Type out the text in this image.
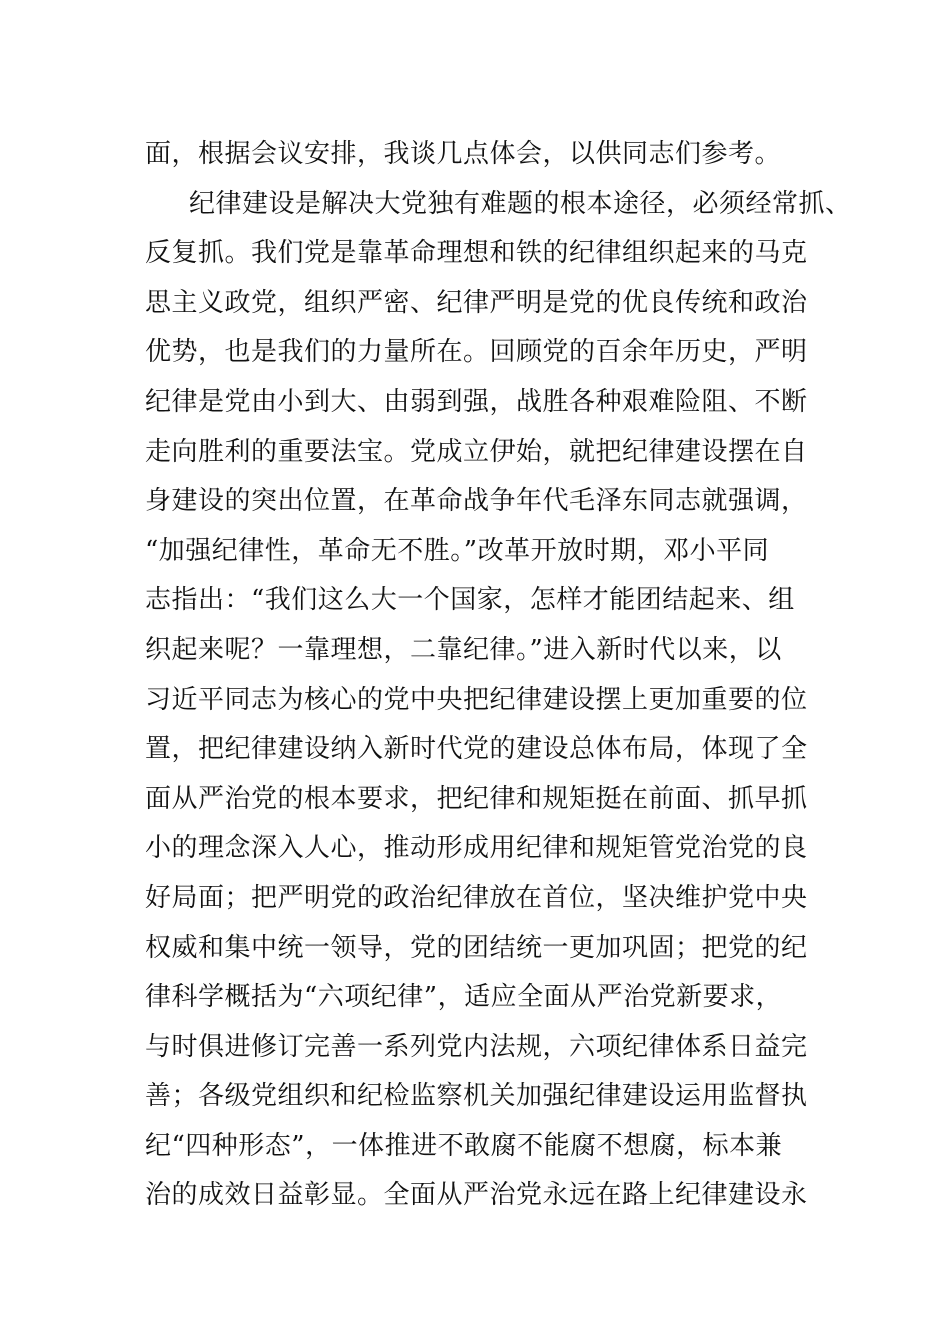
面，根据会议安排，我谈几点体会，以供同志们参考。
纪律建设是解决大党独有难题的根本途径，必须经常抓、
反复抓。我们党是靠革命理想和铁的纪律组织起来的马克
思主义政党，组织严密、纪律严明是党的优良传统和政治
优势，也是我们的力量所在。回顾党的百余年历史，严明
纪律是党由小到大、由弱到强，战胜各种艰难险阻、不断
走向胜利的重要法宝。党成立伊始，就把纪律建设摆在自
身建设的突出位置，在革命战争年代毛泽东同志就强调，
“加强纪律性，革命无不胜。”改革开放时期，邓小平同
志指出：“我们这么大一个国家，怎样才能团结起来、组
织起来呢？一靠理想，二靠纪律。”进入新时代以来，以
习近平同志为核心的党中央把纪律建设摆上更加重要的位
置，把纪律建设纳入新时代党的建设总体布局，体现了全
面从严治党的根本要求，把纪律和规矩挺在前面、抓早抓
小的理念深入人心，推动形成用纪律和规矩管党治党的良
好局面；把严明党的政治纪律放在首位，坚决维护党中央
权威和集中统一领导，党的团结统一更加巩固；把党的纪
律科学概括为“六项纪律”，适应全面从严治党新要求，
与时俱进修订完善一系列党内法规，六项纪律体系日益完
善；各级党组织和纪检监察机关加强纪律建设运用监督执
纪“四种形态”，一体推进不敢腐不能腐不想腐，标本兼
治的成效日益彰显。全面从严治党永远在路上纪律建设永
